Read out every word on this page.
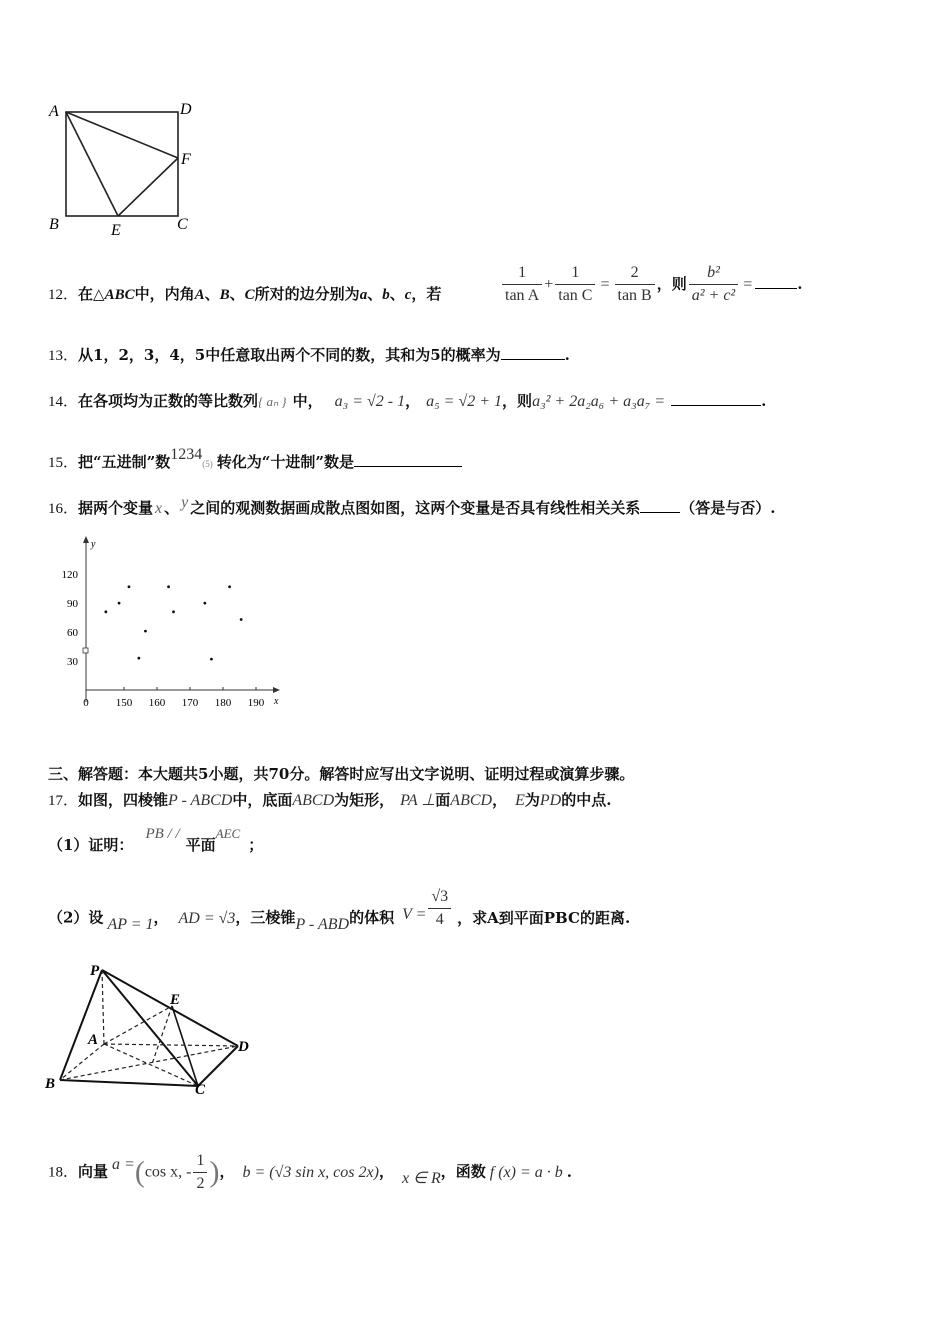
A	D
F
B	E	C
12．在△ABC中，内角A、B、C所对的边分别为a、b、c，若	$\frac{1}{\text{tan A}} + \frac{1}{\text{tan C}} = \frac{2}{\text{tan B}}$ ，则 $\frac{\text{b²}}{\text{a² + c²}}$ =	.
13．从1，2，3，4，5中任意取出两个不同的数，其和为5的概率为	.
14．在各项均为正数的等比数列{ aₙ } 中， a₃ = √2 - 1， a₅ = √2 + 1，则a₃² + 2a₂a₆ + a₃a₇ =	.
15．把“五进制”数1234(5) 转化为“十进制”数是
16．据两个变量 x 、 y 之间的观测数据画成散点图如图，这两个变量是否具有线性相关关系	（答是与否）.
0 150 160 170 180 190
30
60
90
120
x
y
三、解答题：本大题共5小题，共70分。解答时应写出文字说明、证明过程或演算步骤。
17．如图，四棱锥P - ABCD中，底面ABCD为矩形， PA ⊥面ABCD， E为PD的中点.
（1）证明：PB / /平面AEC；
（2）设 AP = 1， AD = √3，三棱锥P - ABD的体积 $V = \frac{√3}{4}$ ，求A到平面PBC的距离.
P
E
A	D
B	C
18．向量 a =(cos x, - $\frac{1}{2}$ )， b = (√3 sin x, cos 2x)， x ∈ R，函数 f (x) = a · b .
